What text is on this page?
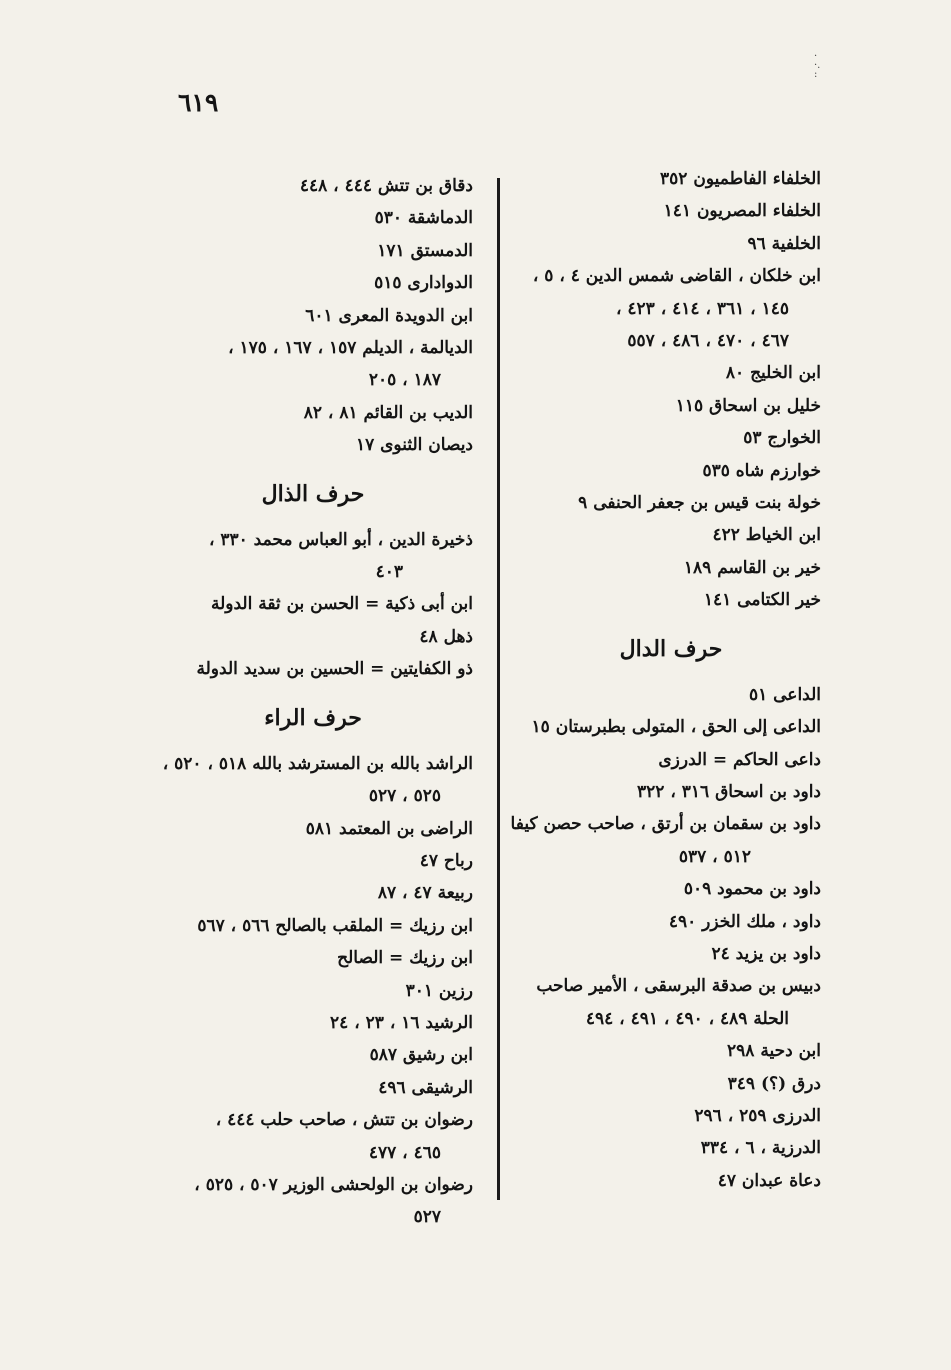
·
·.
:
٦١٩
الخلفاء الفاطميون ٣٥٢
الخلفاء المصريون ١٤١
الخلفية ٩٦
ابن خلكان ، القاضى شمس الدين ٤ ، ٥ ،
١٤٥ ، ٣٦١ ، ٤١٤ ، ٤٢٣ ،
٤٦٧ ، ٤٧٠ ، ٤٨٦ ، ٥٥٧
ابن الخليج ٨٠
خليل بن اسحاق ١١٥
الخوارج ٥٣
خوارزم شاه ٥٣٥
خولة بنت قيس بن جعفر الحنفى ٩
ابن الخياط ٤٢٢
خير بن القاسم ١٨٩
خير الكتامى ١٤١
حرف الدال
الداعى ٥١
الداعى إلى الحق ، المتولى بطبرستان ١٥
داعى الحاكم = الدرزى
داود بن اسحاق ٣١٦ ، ٣٢٢
داود بن سقمان بن أرتق ، صاحب حصن كيفا
٥١٢ ، ٥٣٧
داود بن محمود ٥٠٩
داود ، ملك الخزر ٤٩٠
داود بن يزيد ٢٤
دبيس بن صدقة البرسقى ، الأمير صاحب
الحلة ٤٨٩ ، ٤٩٠ ، ٤٩١ ، ٤٩٤
ابن دحية ٢٩٨
درق (؟) ٣٤٩
الدرزى ٢٥٩ ، ٢٩٦
الدرزية ، ٦ ، ٣٣٤
دعاة عبدان ٤٧
دقاق بن تتش ٤٤٤ ، ٤٤٨
الدماشقة ٥٣٠
الدمستق ١٧١
الدوادارى ٥١٥
ابن الدويدة المعرى ٦٠١
الديالمة ، الديلم ١٥٧ ، ١٦٧ ، ١٧٥ ،
١٨٧ ، ٢٠٥
الديب بن القائم ٨١ ، ٨٢
ديصان الثنوى ١٧
حرف الذال
ذخيرة الدين ، أبو العباس محمد ٣٣٠ ،
٤٠٣
ابن أبى ذكية = الحسن بن ثقة الدولة
ذهل ٤٨
ذو الكفايتين = الحسين بن سديد الدولة
حرف الراء
الراشد بالله بن المسترشد بالله ٥١٨ ، ٥٢٠ ،
٥٢٥ ، ٥٢٧
الراضى بن المعتمد ٥٨١
رباح ٤٧
ربيعة ٤٧ ، ٨٧
ابن رزيك = الملقب بالصالح ٥٦٦ ، ٥٦٧
ابن رزيك = الصالح
رزين ٣٠١
الرشيد ١٦ ، ٢٣ ، ٢٤
ابن رشيق ٥٨٧
الرشيقى ٤٩٦
رضوان بن تتش ، صاحب حلب ٤٤٤ ،
٤٦٥ ، ٤٧٧
رضوان بن الولحشى الوزير ٥٠٧ ، ٥٢٥ ،
٥٢٧
